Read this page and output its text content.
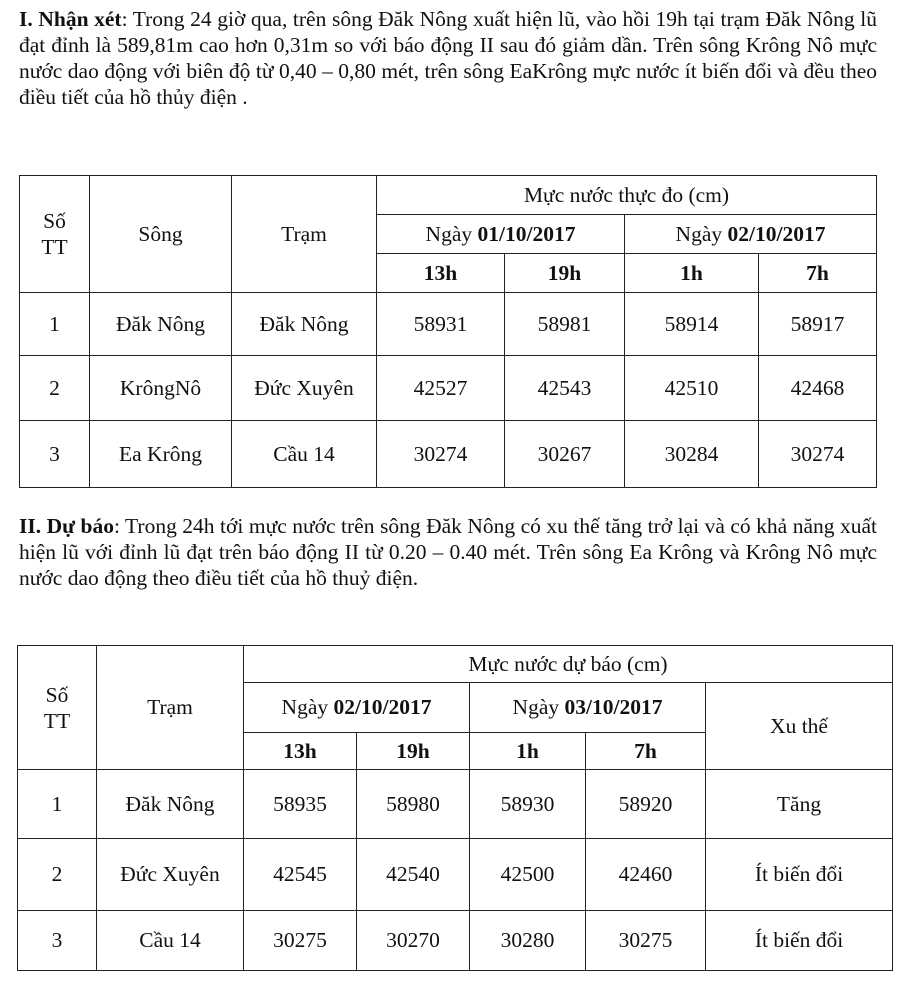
I. Nhận xét: Trong 24 giờ qua, trên sông Đăk Nông xuất hiện lũ, vào hồi 19h tại trạm Đăk Nông lũ đạt đỉnh là 589,81m cao hơn 0,31m so với báo động II sau đó giảm dần. Trên sông Krông Nô mực nước dao động với biên độ từ 0,40 – 0,80 mét, trên sông EaKrông mực nước ít biến đổi và đều theo điều tiết của hồ thủy điện .
Số TT	Sông	Trạm	Mực nước thực đo (cm)			
			Ngày 01/10/2017		Ngày 02/10/2017	
			13h	19h	1h	7h
1	Đăk Nông	Đăk Nông	58931	58981	58914	58917
2	KrôngNô	Đức Xuyên	42527	42543	42510	42468
3	Ea Krông	Cầu 14	30274	30267	30284	30274
II. Dự báo: Trong 24h tới mực nước trên sông Đăk Nông có xu thế tăng trở lại và có khả năng xuất hiện lũ với đỉnh lũ đạt trên báo động II từ 0.20 – 0.40 mét. Trên sông Ea Krông và Krông Nô mực nước dao động theo điều tiết của hồ thuỷ điện.
Số TT	Trạm	Mực nước dự báo (cm)				
		Ngày 02/10/2017		Ngày 03/10/2017		Xu thế
		13h	19h	1h	7h	
1	Đăk Nông	58935	58980	58930	58920	Tăng
2	Đức Xuyên	42545	42540	42500	42460	Ít biến đổi
3	Cầu 14	30275	30270	30280	30275	Ít biến đổi
